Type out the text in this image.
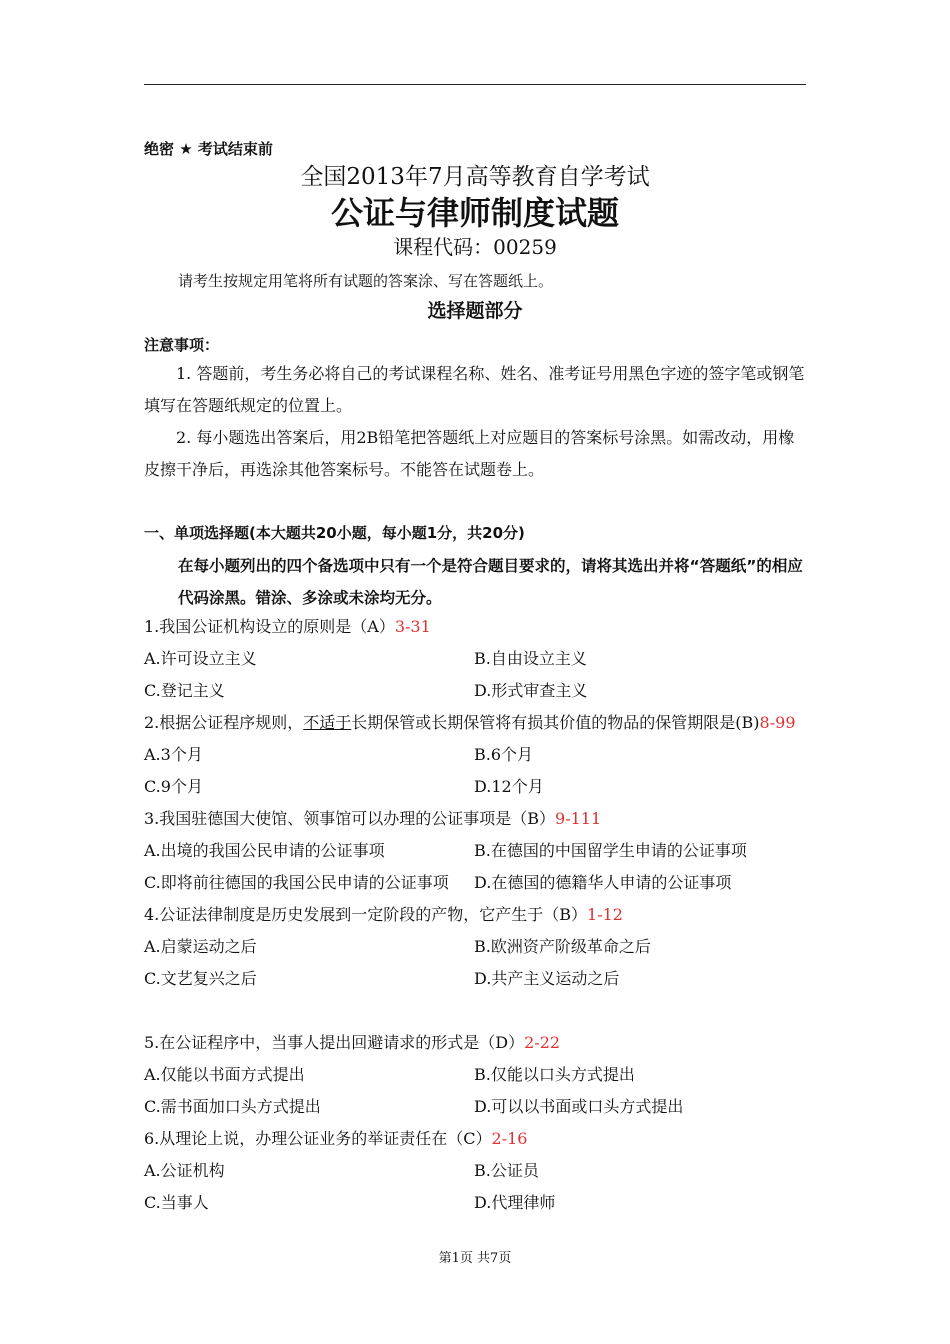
绝密 ★ 考试结束前
全国2013年7月高等教育自学考试
公证与律师制度试题
课程代码：00259
请考生按规定用笔将所有试题的答案涂、写在答题纸上。
选择题部分
注意事项：
1. 答题前，考生务必将自己的考试课程名称、姓名、准考证号用黑色字迹的签字笔或钢笔填写在答题纸规定的位置上。
2. 每小题选出答案后，用2B铅笔把答题纸上对应题目的答案标号涂黑。如需改动，用橡皮擦干净后，再选涂其他答案标号。不能答在试题卷上。
一、单项选择题(本大题共20小题，每小题1分，共20分)
在每小题列出的四个备选项中只有一个是符合题目要求的，请将其选出并将“答题纸”的相应代码涂黑。错涂、多涂或未涂均无分。
1.我国公证机构设立的原则是（A）3-31
A.许可设立主义	B.自由设立主义
C.登记主义	D.形式审查主义
2.根据公证程序规则，不适于长期保管或长期保管将有损其价值的物品的保管期限是(B)8-99
A.3个月	B.6个月
C.9个月	D.12个月
3.我国驻德国大使馆、领事馆可以办理的公证事项是（B）9-111
A.出境的我国公民申请的公证事项	B.在德国的中国留学生申请的公证事项
C.即将前往德国的我国公民申请的公证事项 D.在德国的德籍华人申请的公证事项
4.公证法律制度是历史发展到一定阶段的产物，它产生于（B）1-12
A.启蒙运动之后	B.欧洲资产阶级革命之后
C.文艺复兴之后	D.共产主义运动之后
5.在公证程序中，当事人提出回避请求的形式是（D）2-22
A.仅能以书面方式提出	B.仅能以口头方式提出
C.需书面加口头方式提出	D.可以以书面或口头方式提出
6.从理论上说，办理公证业务的举证责任在（C）2-16
A.公证机构	B.公证员
C.当事人	D.代理律师
第1页 共7页
